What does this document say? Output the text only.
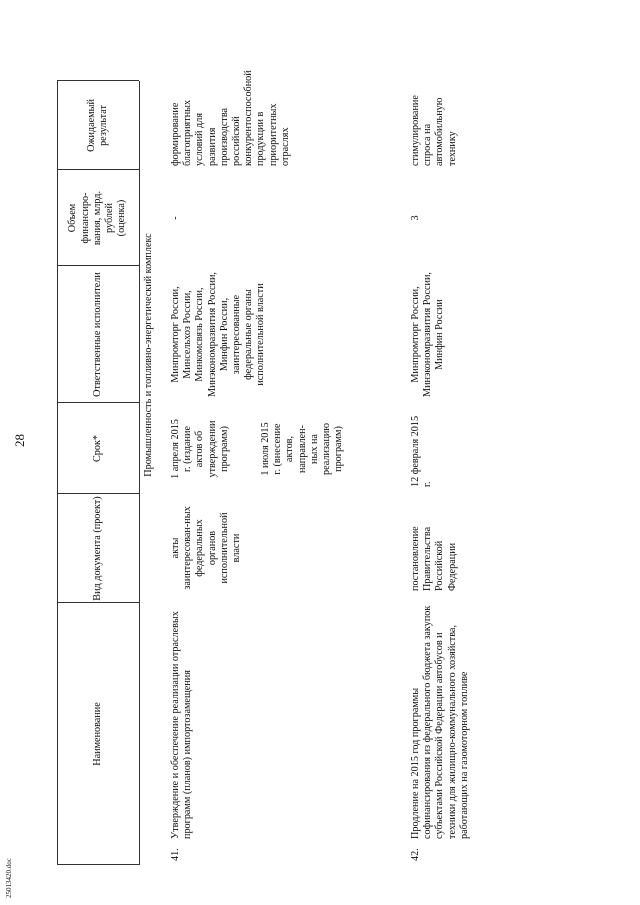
28
25013420.doc
Наименование
Вид документа (проект)
Срок*
Ответственные исполнители
Объем финансиро-вания, млрд. рублей (оценка)
Ожидаемый результат
Промышленность и топливно-энергетический комплекс
41.
Утверждение и обеспечение реализации отраслевых программ (планов) импортозамещения
акты заинтересован-ных федеральных органов исполнительной власти
1 апреля 2015 г. (издание актов об утверждении программ)	1 июля 2015 г. (внесение актов, направлен-ных на реализацию программ)
Минпромторг России, Минсельхоз России, Минкомсвязь России, Минэкономразвития России, Минфин России, заинтересованные федеральные органы исполнительной власти
-
формирование благоприятных условий для развития производства российской конкурентоспособной продукции в приоритетных отраслях
42.
Продление на 2015 год программы софинансирования из федерального бюджета закупок субъектами Российской Федерации автобусов и техники для жилищно-коммунального хозяйства, работающих на газомоторном топливе
постановление Правительства Российской Федерации
12 февраля 2015 г.
Минпромторг России, Минэкономразвития России, Минфин России
3
стимулирование спроса на автомобильную технику
